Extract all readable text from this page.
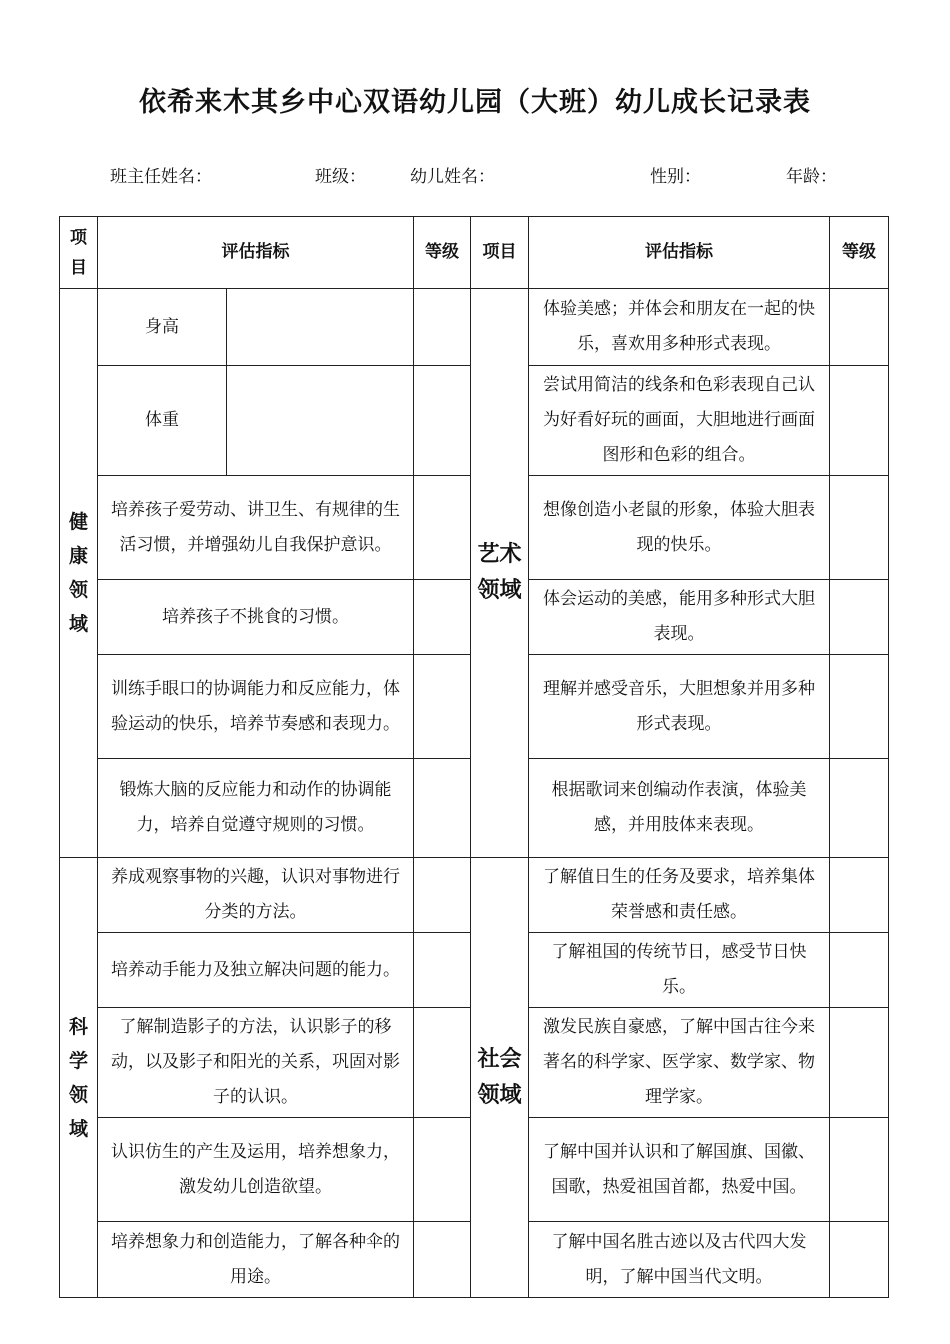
依希来木其乡中心双语幼儿园（大班）幼儿成长记录表
班主任姓名：	班级：	幼儿姓名：	性别：	年龄：
项目	评估指标		等级	项目	评估指标	等级
健康领域	身高			艺术领域	体验美感；并体会和朋友在一起的快乐，喜欢用多种形式表现。	
	体重				尝试用简洁的线条和色彩表现自己认为好看好玩的画面，大胆地进行画面图形和色彩的组合。	
	培养孩子爱劳动、讲卫生、有规律的生活习惯，并增强幼儿自我保护意识。				想像创造小老鼠的形象，体验大胆表现的快乐。	
	培养孩子不挑食的习惯。				体会运动的美感，能用多种形式大胆表现。	
	训练手眼口的协调能力和反应能力，体验运动的快乐，培养节奏感和表现力。				理解并感受音乐，大胆想象并用多种形式表现。	
	锻炼大脑的反应能力和动作的协调能力，培养自觉遵守规则的习惯。				根据歌词来创编动作表演，体验美感，并用肢体来表现。	
科学领域	养成观察事物的兴趣，认识对事物进行分类的方法。			社会领域	了解值日生的任务及要求，培养集体荣誉感和责任感。	
	培养动手能力及独立解决问题的能力。				了解祖国的传统节日，感受节日快乐。	
	了解制造影子的方法，认识影子的移动，以及影子和阳光的关系，巩固对影子的认识。				激发民族自豪感，了解中国古往今来著名的科学家、医学家、数学家、物理学家。	
	认识仿生的产生及运用，培养想象力，激发幼儿创造欲望。				了解中国并认识和了解国旗、国徽、国歌，热爱祖国首都，热爱中国。	
	培养想象力和创造能力，了解各种伞的用途。				了解中国名胜古迹以及古代四大发明，了解中国当代文明。	
